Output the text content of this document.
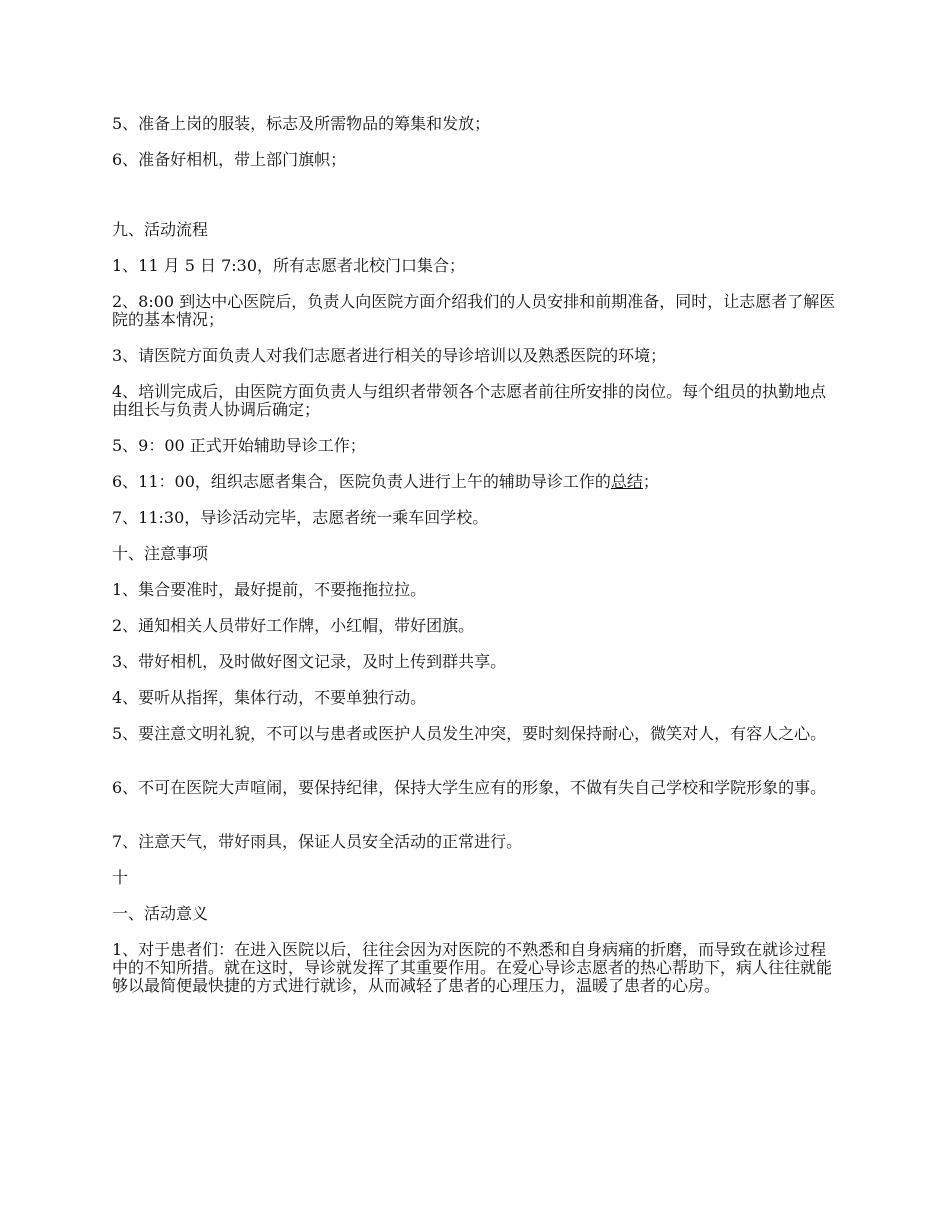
5、准备上岗的服装，标志及所需物品的筹集和发放；

6、准备好相机，带上部门旗帜；

九、活动流程

1、11 月 5 日 7:30，所有志愿者北校门口集合；

2、8:00 到达中心医院后，负责人向医院方面介绍我们的人员安排和前期准备，同时，让志愿者了解医院的基本情况；

3、请医院方面负责人对我们志愿者进行相关的导诊培训以及熟悉医院的环境；

4、培训完成后，由医院方面负责人与组织者带领各个志愿者前往所安排的岗位。每个组员的执勤地点由组长与负责人协调后确定；

5、9：00 正式开始辅助导诊工作；

6、11：00，组织志愿者集合，医院负责人进行上午的辅助导诊工作的总结；

7、11:30，导诊活动完毕，志愿者统一乘车回学校。

十、注意事项

1、集合要准时，最好提前，不要拖拖拉拉。

2、通知相关人员带好工作牌，小红帽，带好团旗。

3、带好相机，及时做好图文记录，及时上传到群共享。

4、要听从指挥，集体行动，不要单独行动。

5、要注意文明礼貌，不可以与患者或医护人员发生冲突，要时刻保持耐心，微笑对人，有容人之心。

6、不可在医院大声喧闹，要保持纪律，保持大学生应有的形象，不做有失自己学校和学院形象的事。

7、注意天气，带好雨具，保证人员安全活动的正常进行。

十

一、活动意义

1、对于患者们：在进入医院以后，往往会因为对医院的不熟悉和自身病痛的折磨，而导致在就诊过程中的不知所措。就在这时，导诊就发挥了其重要作用。在爱心导诊志愿者的热心帮助下，病人往往就能够以最简便最快捷的方式进行就诊，从而减轻了患者的心理压力，温暖了患者的心房。
